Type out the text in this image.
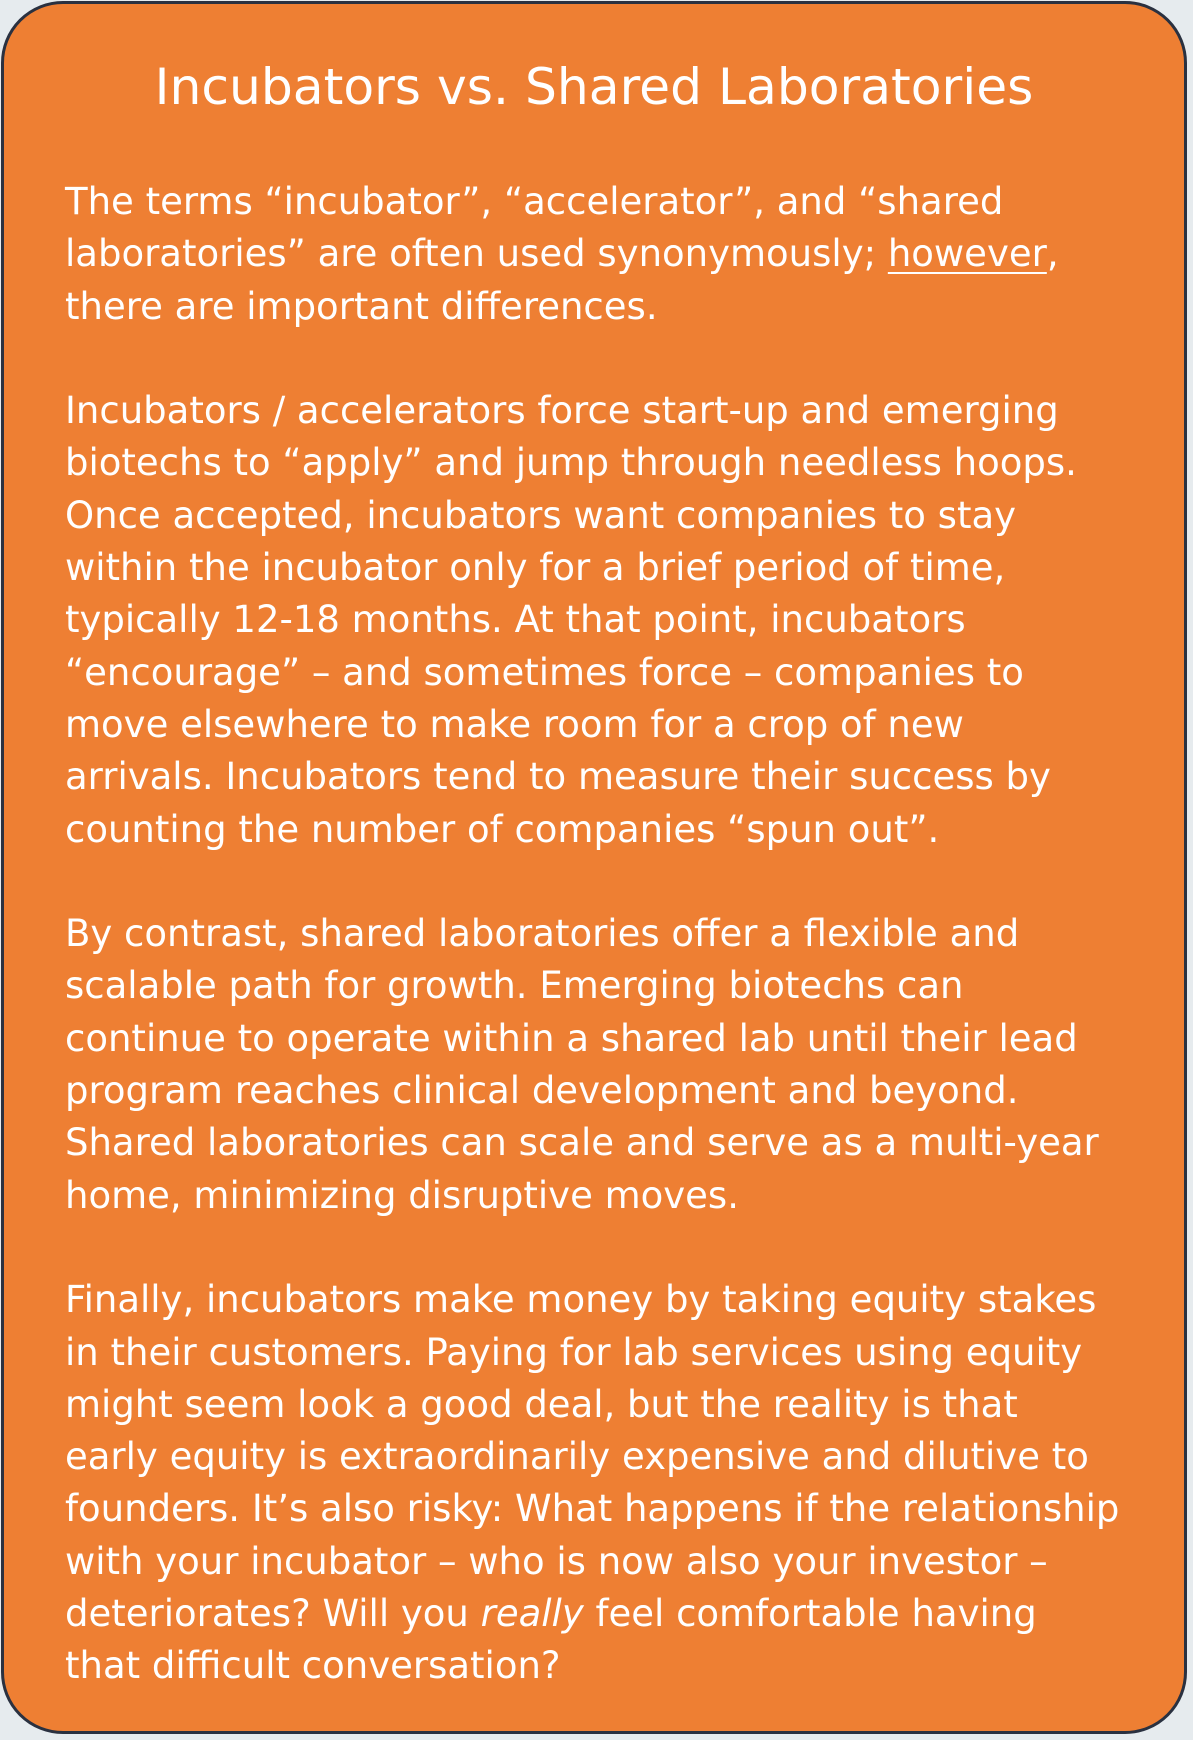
Incubators vs. Shared Laboratories

The terms “incubator”, “accelerator”, and “shared
laboratories” are often used synonymously; however,
there are important differences.

Incubators / accelerators force start-up and emerging
biotechs to “apply” and jump through needless hoops.
Once accepted, incubators want companies to stay
within the incubator only for a brief period of time,
typically 12-18 months. At that point, incubators
“encourage” – and sometimes force – companies to
move elsewhere to make room for a crop of new
arrivals. Incubators tend to measure their success by
counting the number of companies “spun out”.

By contrast, shared laboratories offer a flexible and
scalable path for growth. Emerging biotechs can
continue to operate within a shared lab until their lead
program reaches clinical development and beyond.
Shared laboratories can scale and serve as a multi-year
home, minimizing disruptive moves.

Finally, incubators make money by taking equity stakes
in their customers. Paying for lab services using equity
might seem look a good deal, but the reality is that
early equity is extraordinarily expensive and dilutive to
founders. It’s also risky: What happens if the relationship
with your incubator – who is now also your investor –
deteriorates? Will you really feel comfortable having
that difficult conversation?
